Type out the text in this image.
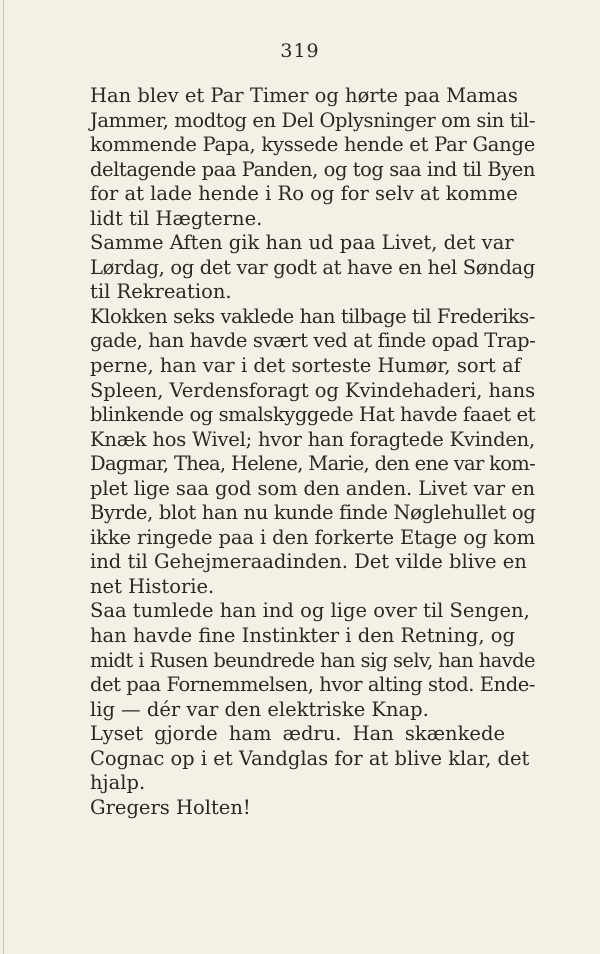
319

Han blev et Par Timer og hørte paa Mamas
Jammer, modtog en Del Oplysninger om sin til-
kommende Papa, kyssede hende et Par Gange
deltagende paa Panden, og tog saa ind til Byen
for at lade hende i Ro og for selv at komme
lidt til Hægterne.

Samme Aften gik han ud paa Livet, det var
Lørdag, og det var godt at have en hel Søndag
til Rekreation.

Klokken seks vaklede han tilbage til Frederiks-
gade, han havde svært ved at finde opad Trap-
perne, han var i det sorteste Humør, sort af
Spleen, Verdensforagt og Kvindehaderi, hans
blinkende og smalskyggede Hat havde faaet et
Knæk hos Wivel; hvor han foragtede Kvinden,
Dagmar, Thea, Helene, Marie, den ene var kom-
plet lige saa god som den anden. Livet var en
Byrde, blot han nu kunde finde Nøglehullet og
ikke ringede paa i den forkerte Etage og kom
ind til Gehejmeraadinden. Det vilde blive en
net Historie.

Saa tumlede han ind og lige over til Sengen,
han havde fine Instinkter i den Retning, og
midt i Rusen beundrede han sig selv, han havde
det paa Fornemmelsen, hvor alting stod. Ende-
lig — dér var den elektriske Knap.

Lyset gjorde ham ædru. Han skænkede
Cognac op i et Vandglas for at blive klar, det
hjalp.

Gregers Holten!
